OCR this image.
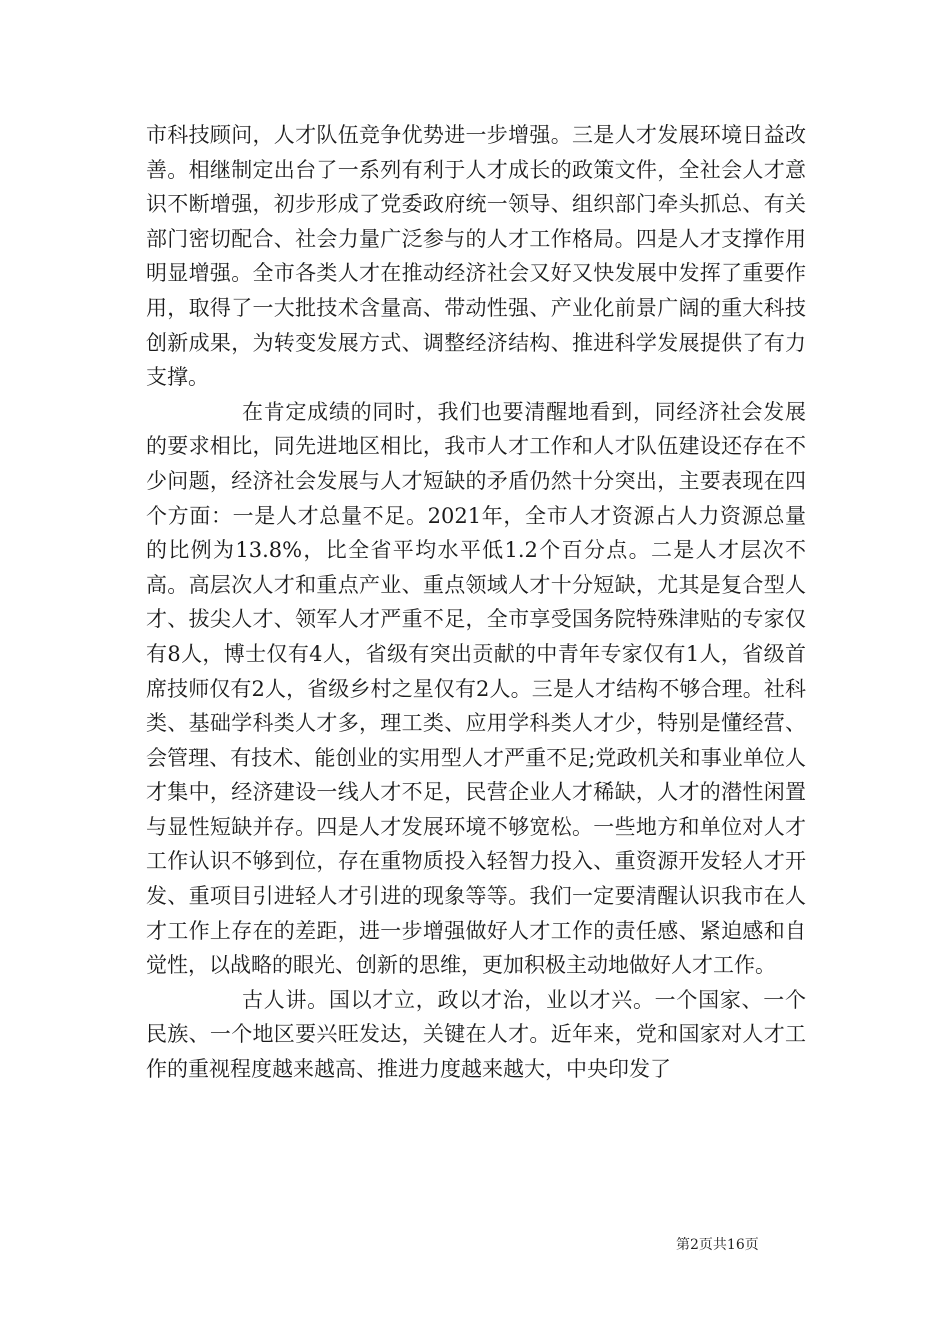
市科技顾问，人才队伍竞争优势进一步增强。三是人才发展环境日益改善。相继制定出台了一系列有利于人才成长的政策文件，全社会人才意识不断增强，初步形成了党委政府统一领导、组织部门牵头抓总、有关部门密切配合、社会力量广泛参与的人才工作格局。四是人才支撑作用明显增强。全市各类人才在推动经济社会又好又快发展中发挥了重要作用，取得了一大批技术含量高、带动性强、产业化前景广阔的重大科技创新成果，为转变发展方式、调整经济结构、推进科学发展提供了有力支撑。

在肯定成绩的同时，我们也要清醒地看到，同经济社会发展的要求相比，同先进地区相比，我市人才工作和人才队伍建设还存在不少问题，经济社会发展与人才短缺的矛盾仍然十分突出，主要表现在四个方面：一是人才总量不足。2021年，全市人才资源占人力资源总量的比例为13.8%，比全省平均水平低1.2个百分点。二是人才层次不高。高层次人才和重点产业、重点领域人才十分短缺，尤其是复合型人才、拔尖人才、领军人才严重不足，全市享受国务院特殊津贴的专家仅有8人，博士仅有4人，省级有突出贡献的中青年专家仅有1人，省级首席技师仅有2人，省级乡村之星仅有2人。三是人才结构不够合理。社科类、基础学科类人才多，理工类、应用学科类人才少，特别是懂经营、会管理、有技术、能创业的实用型人才严重不足;党政机关和事业单位人才集中，经济建设一线人才不足，民营企业人才稀缺，人才的潜性闲置与显性短缺并存。四是人才发展环境不够宽松。一些地方和单位对人才工作认识不够到位，存在重物质投入轻智力投入、重资源开发轻人才开发、重项目引进轻人才引进的现象等等。我们一定要清醒认识我市在人才工作上存在的差距，进一步增强做好人才工作的责任感、紧迫感和自觉性，以战略的眼光、创新的思维，更加积极主动地做好人才工作。

古人讲。国以才立，政以才治，业以才兴。一个国家、一个民族、一个地区要兴旺发达，关键在人才。近年来，党和国家对人才工作的重视程度越来越高、推进力度越来越大，中央印发了

第2页共16页
